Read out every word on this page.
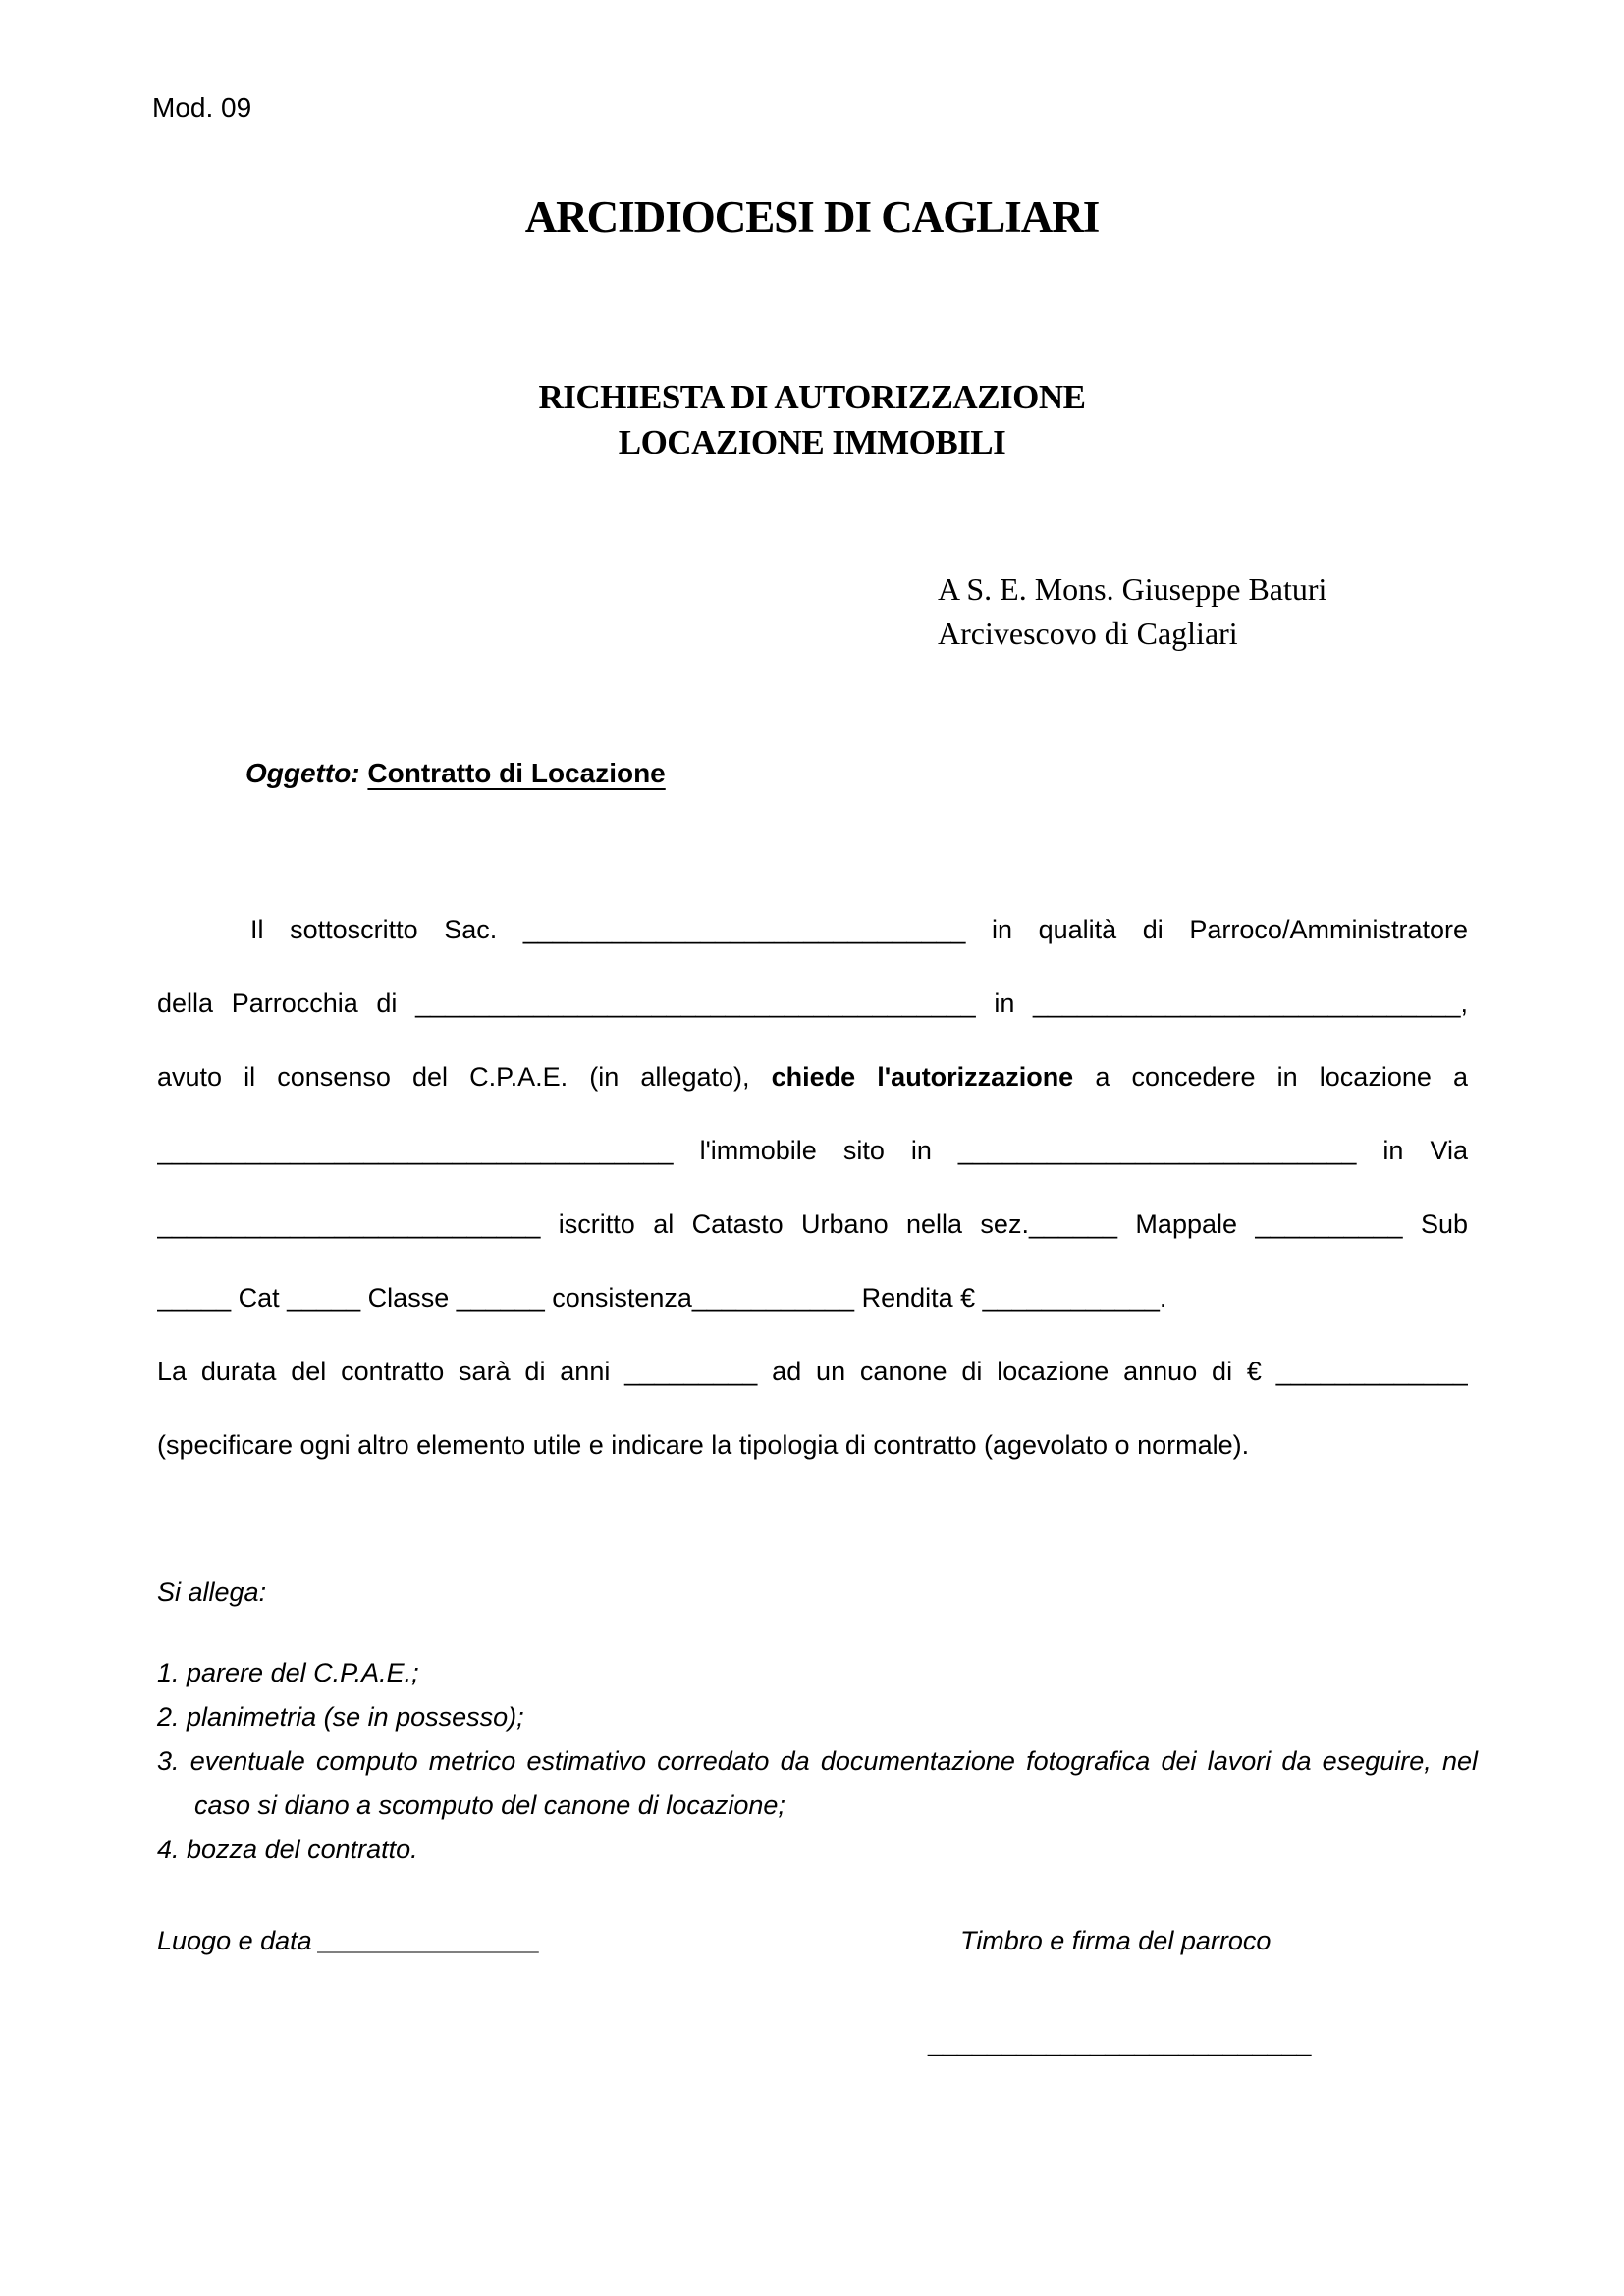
Mod. 09
ARCIDIOCESI DI CAGLIARI
RICHIESTA DI AUTORIZZAZIONE
LOCAZIONE IMMOBILI
A S. E. Mons. Giuseppe Baturi
Arcivescovo di Cagliari
Oggetto: Contratto di Locazione
Il sottoscritto Sac. ______________________________ in qualità di Parroco/Amministratore
della Parrocchia di ______________________________________ in _____________________________,
avuto il consenso del C.P.A.E. (in allegato), chiede l'autorizzazione a concedere in locazione a
___________________________________ l'immobile sito in ___________________________ in Via
__________________________ iscritto al Catasto Urbano nella sez.______ Mappale __________ Sub
_____ Cat _____ Classe ______ consistenza___________ Rendita € ____________.
La durata del contratto sarà di anni _________ ad un canone di locazione annuo di € _____________
(specificare ogni altro elemento utile e indicare la tipologia di contratto (agevolato o normale).
Si allega:
1. parere del C.P.A.E.;
2. planimetria (se in possesso);
3. eventuale computo metrico estimativo corredato da documentazione fotografica dei lavori da eseguire, nel caso si diano a scomputo del canone di locazione;
4. bozza del contratto.
Luogo e data _______________	Timbro e firma del parroco
__________________________
